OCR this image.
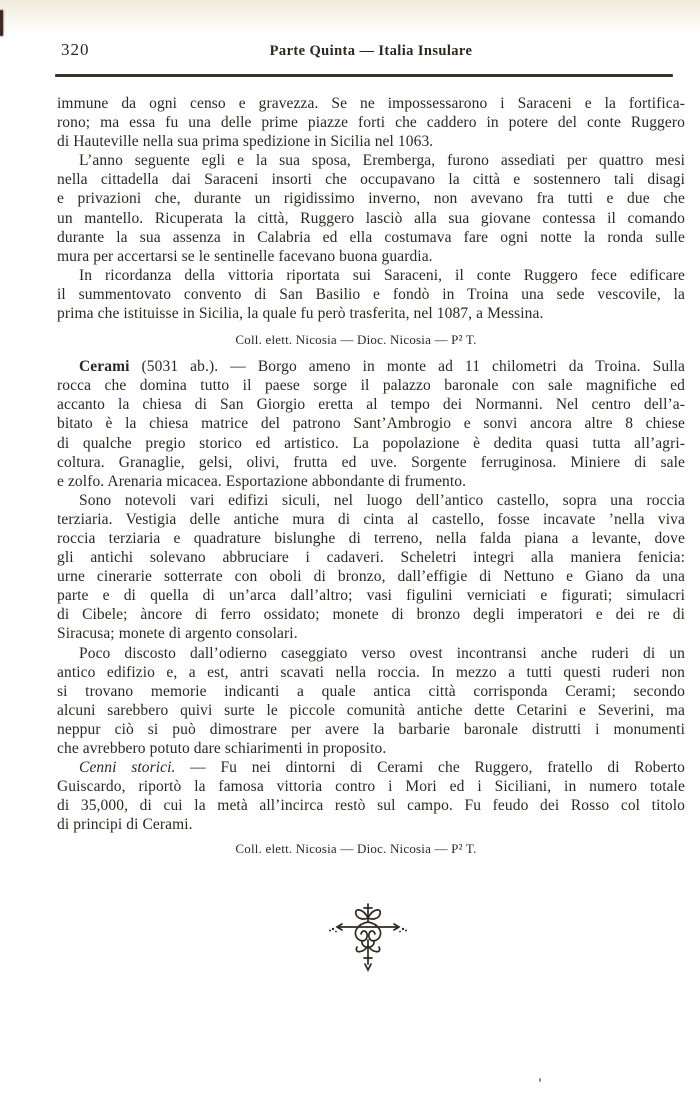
320	Parte Quinta — Italia Insulare
immune da ogni censo e gravezza. Se ne impossessarono i Saraceni e la fortifica-
rono; ma essa fu una delle prime piazze forti che caddero in potere del conte Ruggero
di Hauteville nella sua prima spedizione in Sicilia nel 1063.
L’anno seguente egli e la sua sposa, Eremberga, furono assediati per quattro mesi
nella cittadella dai Saraceni insorti che occupavano la città e sostennero tali disagi
e privazioni che, durante un rigidissimo inverno, non avevano fra tutti e due che
un mantello. Ricuperata la città, Ruggero lasciò alla sua giovane contessa il comando
durante la sua assenza in Calabria ed ella costumava fare ogni notte la ronda sulle
mura per accertarsi se le sentinelle facevano buona guardia.
In ricordanza della vittoria riportata sui Saraceni, il conte Ruggero fece edificare
il summentovato convento di San Basilio e fondò in Troina una sede vescovile, la
prima che istituisse in Sicilia, la quale fu però trasferita, nel 1087, a Messina.
Coll. elett. Nicosia — Dioc. Nicosia — P² T.
Cerami (5031 ab.). — Borgo ameno in monte ad 11 chilometri da Troina. Sulla
rocca che domina tutto il paese sorge il palazzo baronale con sale magnifiche ed
accanto la chiesa di San Giorgio eretta al tempo dei Normanni. Nel centro dell’a-
bitato è la chiesa matrice del patrono Sant’Ambrogio e sonvi ancora altre 8 chiese
di qualche pregio storico ed artistico. La popolazione è dedita quasi tutta all’agri-
coltura. Granaglie, gelsi, olivi, frutta ed uve. Sorgente ferruginosa. Miniere di sale
e zolfo. Arenaria micacea. Esportazione abbondante di frumento.
Sono notevoli vari edifizi siculi, nel luogo dell’antico castello, sopra una roccia
terziaria. Vestigia delle antiche mura di cinta al castello, fosse incavate ’nella viva
roccia terziaria e quadrature bislunghe di terreno, nella falda piana a levante, dove
gli antichi solevano abbruciare i cadaveri. Scheletri integri alla maniera fenicia:
urne cinerarie sotterrate con oboli di bronzo, dall’effigie di Nettuno e Giano da una
parte e di quella di un’arca dall’altro; vasi figulini verniciati e figurati; simulacri
di Cibele; àncore di ferro ossidato; monete di bronzo degli imperatori e dei re di
Siracusa; monete di argento consolari.
Poco discosto dall’odierno caseggiato verso ovest incontransi anche ruderi di un
antico edifizio e, a est, antri scavati nella roccia. In mezzo a tutti questi ruderi non
si trovano memorie indicanti a quale antica città corrisponda Cerami; secondo
alcuni sarebbero quivi surte le piccole comunità antiche dette Cetarini e Severini, ma
neppur ciò si può dimostrare per avere la barbarie baronale distrutti i monumenti
che avrebbero potuto dare schiarimenti in proposito.
Cenni storici. — Fu nei dintorni di Cerami che Ruggero, fratello di Roberto
Guiscardo, riportò la famosa vittoria contro i Mori ed i Siciliani, in numero totale
di 35,000, di cui la metà all’incirca restò sul campo. Fu feudo dei Rosso col titolo
di principi di Cerami.
Coll. elett. Nicosia — Dioc. Nicosia — P² T.
